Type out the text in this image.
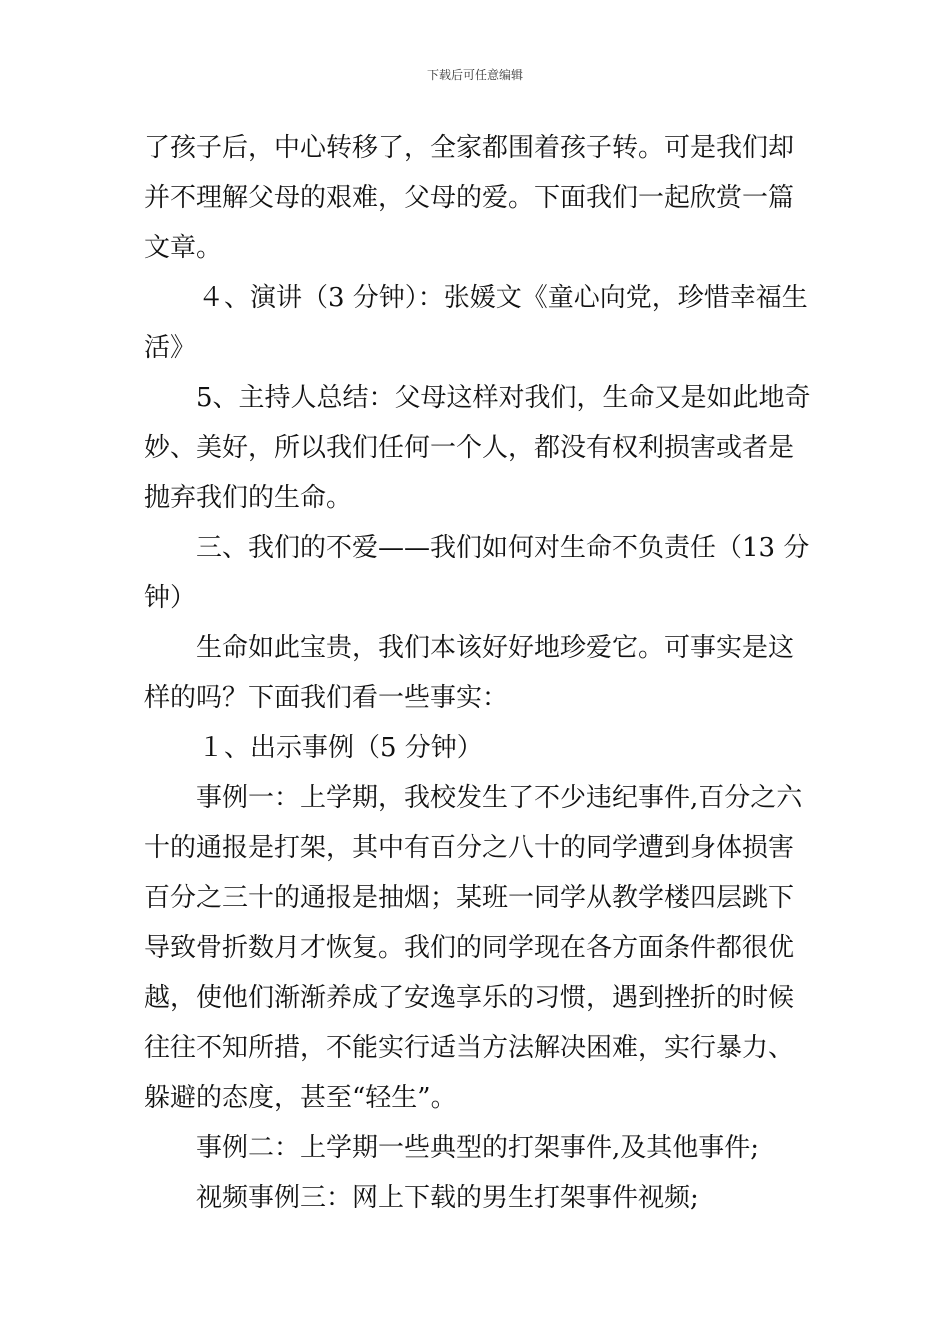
下载后可任意编辑
了孩子后，中心转移了，全家都围着孩子转。可是我们却
并不理解父母的艰难，父母的爱。下面我们一起欣赏一篇
文章。
４、演讲（3 分钟）：张媛文《童心向党，珍惜幸福生
活》
5、主持人总结：父母这样对我们，生命又是如此地奇
妙、美好，所以我们任何一个人，都没有权利损害或者是
抛弃我们的生命。
三、我们的不爱——我们如何对生命不负责任（13 分
钟）
生命如此宝贵，我们本该好好地珍爱它。可事实是这
样的吗？下面我们看一些事实：
１、出示事例（5 分钟）
事例一：上学期，我校发生了不少违纪事件,百分之六
十的通报是打架，其中有百分之八十的同学遭到身体损害
百分之三十的通报是抽烟；某班一同学从教学楼四层跳下
导致骨折数月才恢复。我们的同学现在各方面条件都很优
越，使他们渐渐养成了安逸享乐的习惯，遇到挫折的时候
往往不知所措，不能实行适当方法解决困难，实行暴力、
躲避的态度，甚至“轻生”。
事例二：上学期一些典型的打架事件,及其他事件;
视频事例三：网上下载的男生打架事件视频;
